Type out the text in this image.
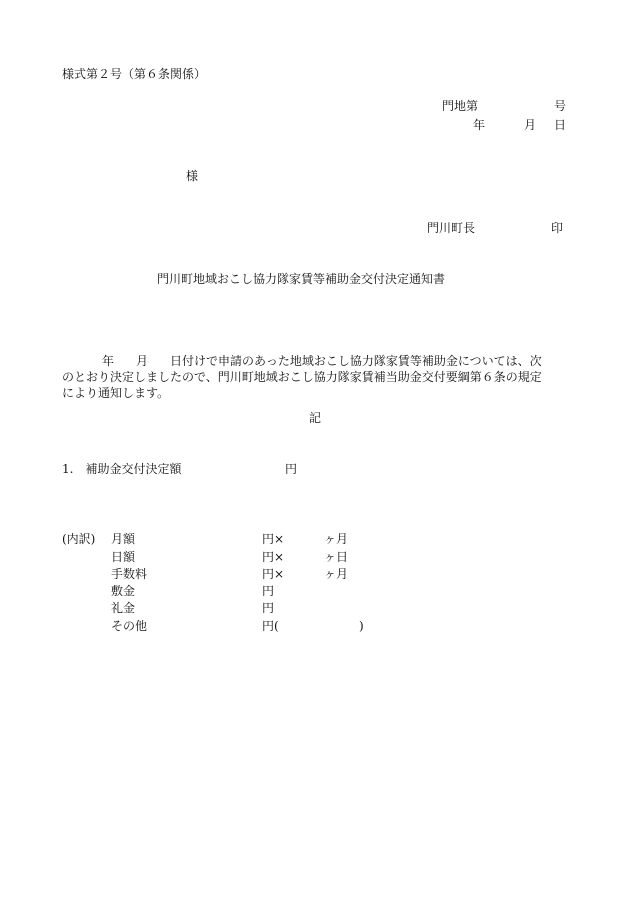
様式第２号（第６条関係）
門地第	号
年	月 日
様
門川町長	印
門川町地域おこし協力隊家賃等補助金交付決定通知書
年 月 日付けで申請のあった地域おこし協力隊家賃等補助金については、次
のとおり決定しましたので、門川町地域おこし協力隊家賃補当助金交付要綱第６条の規定
により通知します。
記
1.　補助金交付決定額	円
(内訳) 月額	円×	ヶ月
日額	円×	ヶ日
手数料	円×	ヶ月
敷金	円
礼金	円
その他	円(	)
